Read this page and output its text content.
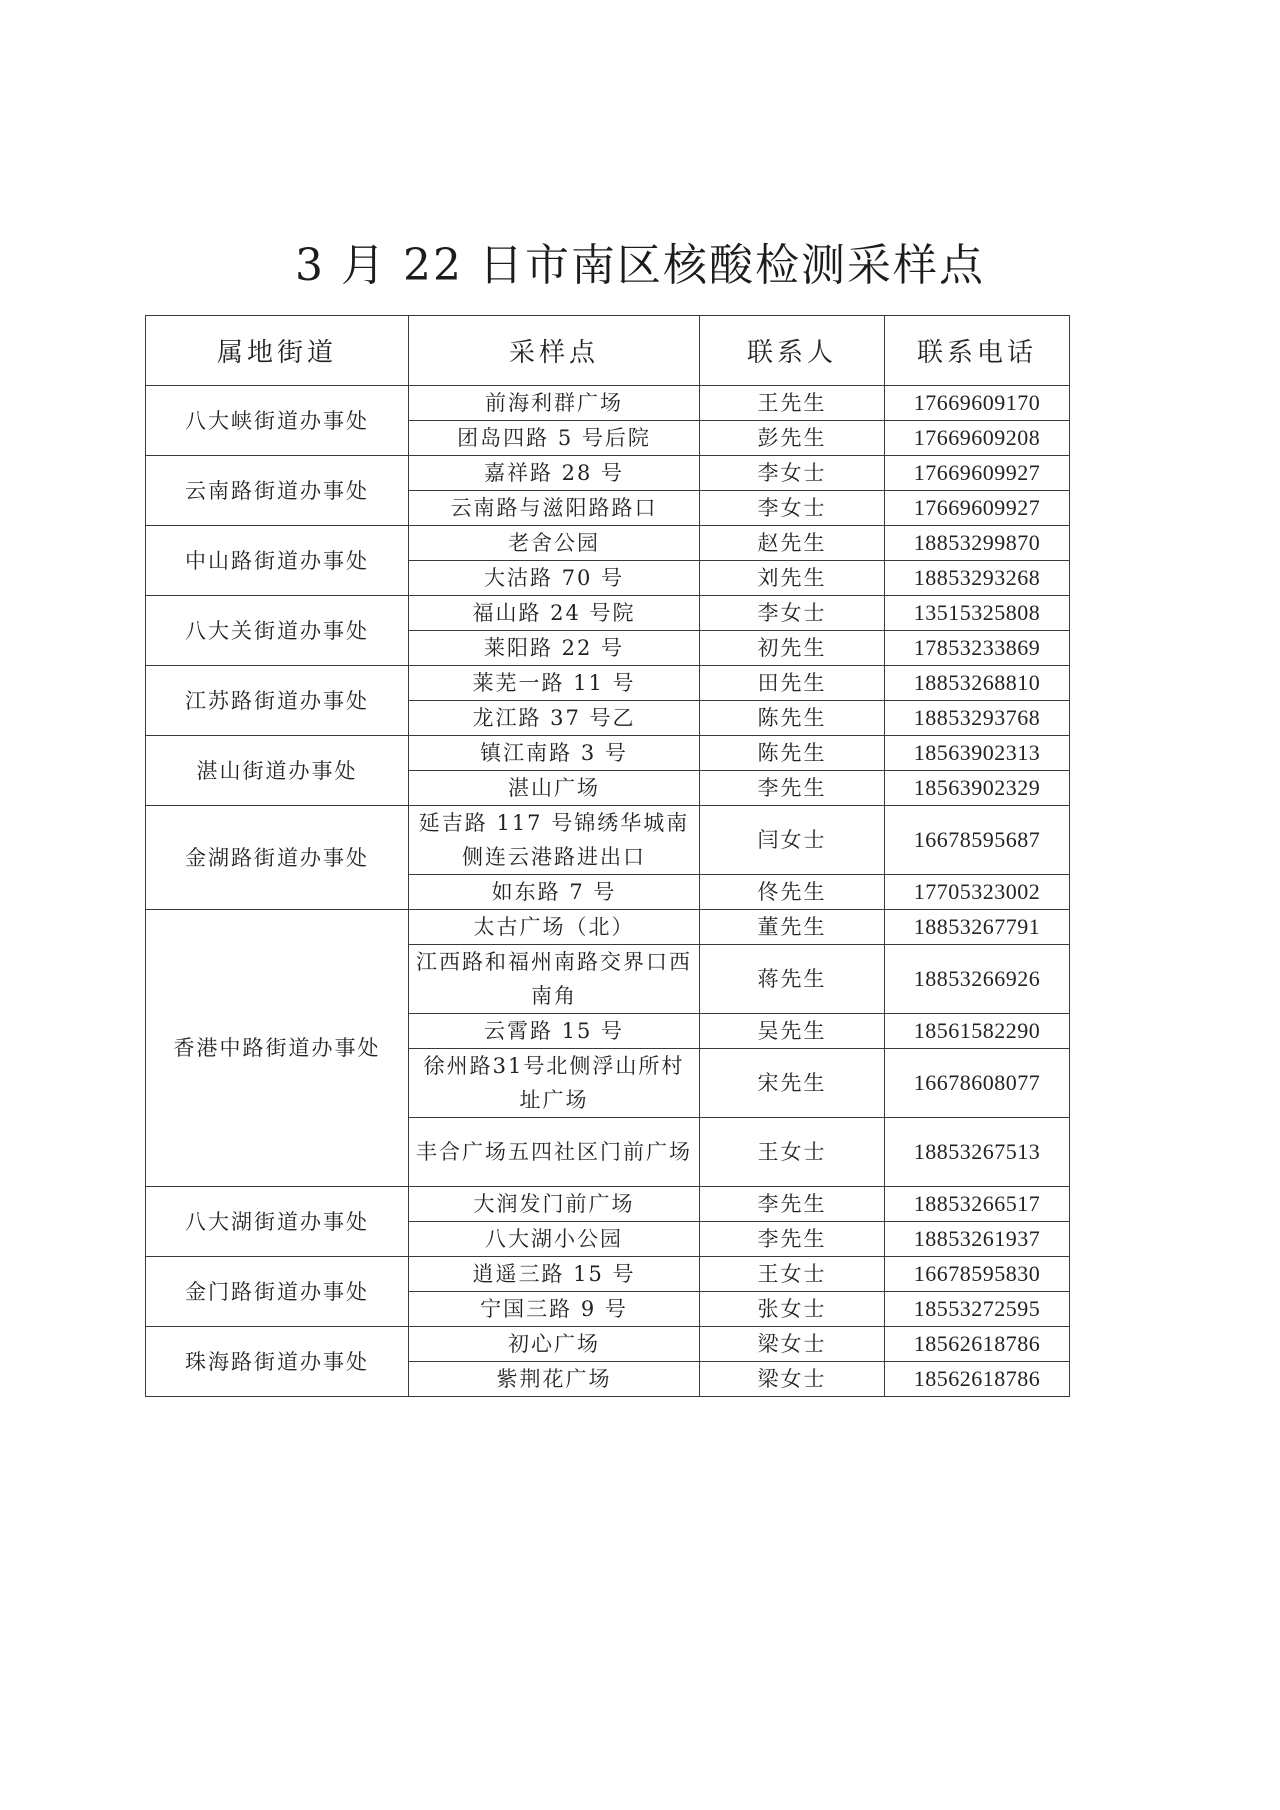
3 月 22 日市南区核酸检测采样点
属地街道	采样点	联系人	联系电话
八大峡街道办事处	前海利群广场	王先生	17669609170
	团岛四路 5 号后院	彭先生	17669609208
云南路街道办事处	嘉祥路 28 号	李女士	17669609927
	云南路与滋阳路路口	李女士	17669609927
中山路街道办事处	老舍公园	赵先生	18853299870
	大沽路 70 号	刘先生	18853293268
八大关街道办事处	福山路 24 号院	李女士	13515325808
	莱阳路 22 号	初先生	17853233869
江苏路街道办事处	莱芜一路 11 号	田先生	18853268810
	龙江路 37 号乙	陈先生	18853293768
湛山街道办事处	镇江南路 3 号	陈先生	18563902313
	湛山广场	李先生	18563902329
金湖路街道办事处	延吉路 117 号锦绣华城南侧连云港路进出口	闫女士	16678595687
	如东路 7 号	佟先生	17705323002
香港中路街道办事处	太古广场（北）	董先生	18853267791
	江西路和福州南路交界口西南角	蒋先生	18853266926
	云霄路 15 号	吴先生	18561582290
	徐州路31号北侧浮山所村址广场	宋先生	16678608077
	丰合广场五四社区门前广场	王女士	18853267513
八大湖街道办事处	大润发门前广场	李先生	18853266517
	八大湖小公园	李先生	18853261937
金门路街道办事处	逍遥三路 15 号	王女士	16678595830
	宁国三路 9 号	张女士	18553272595
珠海路街道办事处	初心广场	梁女士	18562618786
	紫荆花广场	梁女士	18562618786
